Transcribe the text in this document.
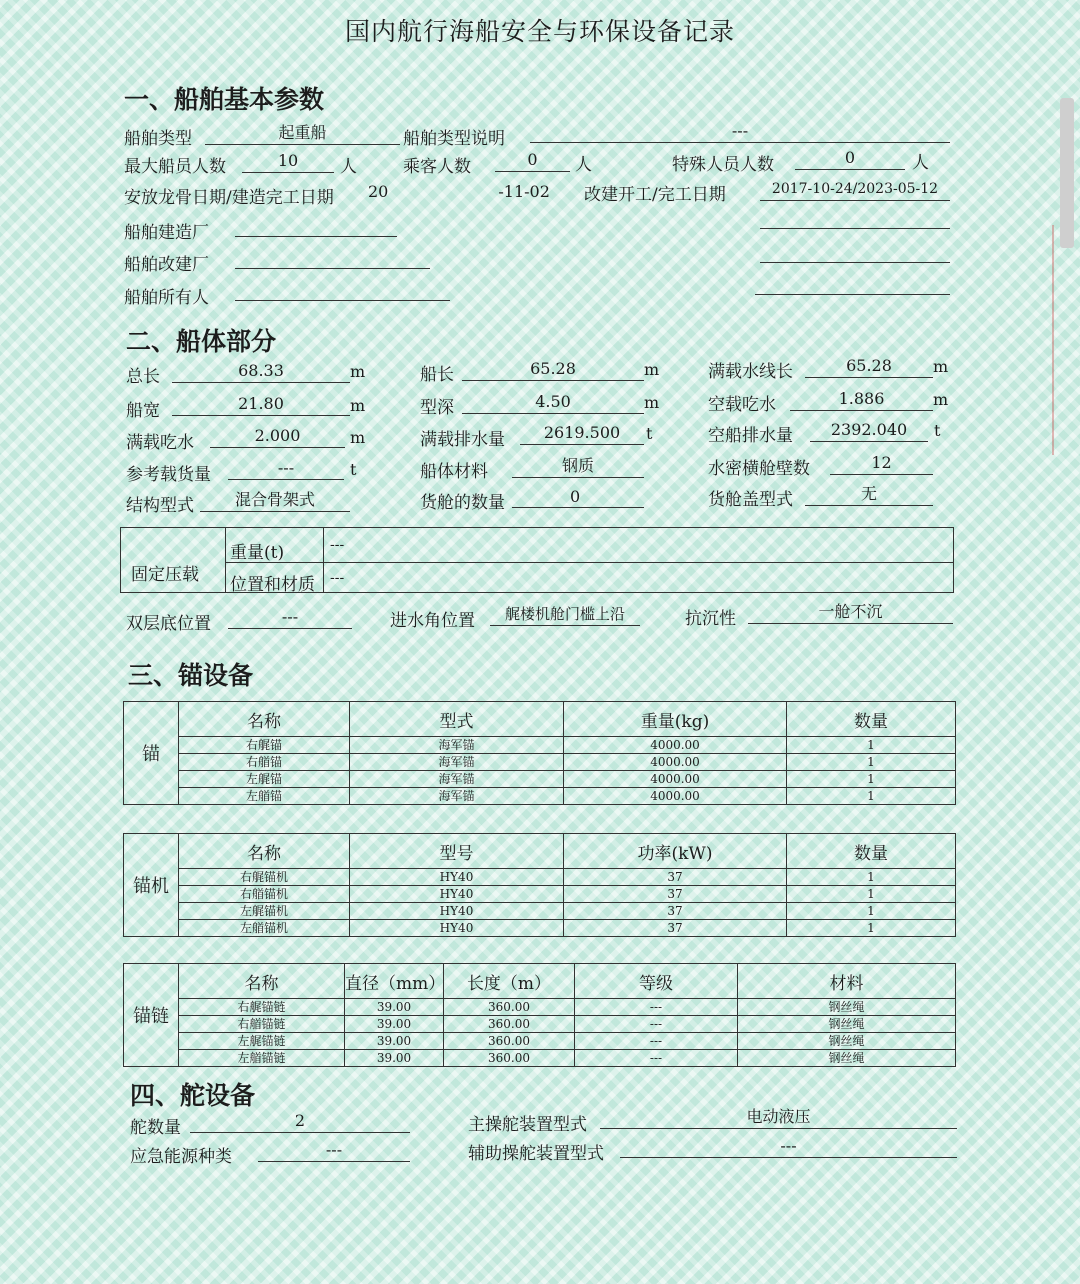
国内航行海船安全与环保设备记录
一、船舶基本参数
船舶类型	起重船	船舶类型说明	---
最大船员人数	10	人	乘客人数	0	人	特殊人员人数	0	人
安放龙骨日期/建造完工日期 20	-11-02	改建开工/完工日期	2017-10-24/2023-05-12
船舶建造厂
船舶改建厂
船舶所有人
二、船体部分
总长	68.33	m	船长	65.28	m	满载水线长	65.28	m
船宽	21.80	m	型深	4.50	m	空载吃水	1.886	m
满载吃水	2.000	m	满载排水量	2619.500	t	空船排水量	2392.040	t
参考载货量	---	t	船体材料	钢质	水密横舱壁数	12
结构型式	混合骨架式	货舱的数量	0	货舱盖型式	无
固定压载
重量(t)	---
位置和材质 ---
双层底位置	---	进水角位置	艉楼机舱门槛上沿	抗沉性	一舱不沉
三、锚设备
锚	名称	型式	重量(kg)	数量
	右艉锚	海军锚	4000.00	1
	右艏锚	海军锚	4000.00	1
	左艉锚	海军锚	4000.00	1
	左艏锚	海军锚	4000.00	1
锚机	名称	型号	功率(kW)	数量
	右艉锚机	HY40	37	1
	右艏锚机	HY40	37	1
	左艉锚机	HY40	37	1
	左艏锚机	HY40	37	1
锚链	名称	直径（mm）	长度（m）	等级	材料
	右艉锚链	39.00	360.00	---	钢丝绳
	右艏锚链	39.00	360.00	---	钢丝绳
	左艉锚链	39.00	360.00	---	钢丝绳
	左艏锚链	39.00	360.00	---	钢丝绳
四、舵设备
舵数量	2	主操舵装置型式	电动液压
应急能源种类	---	辅助操舵装置型式	---
